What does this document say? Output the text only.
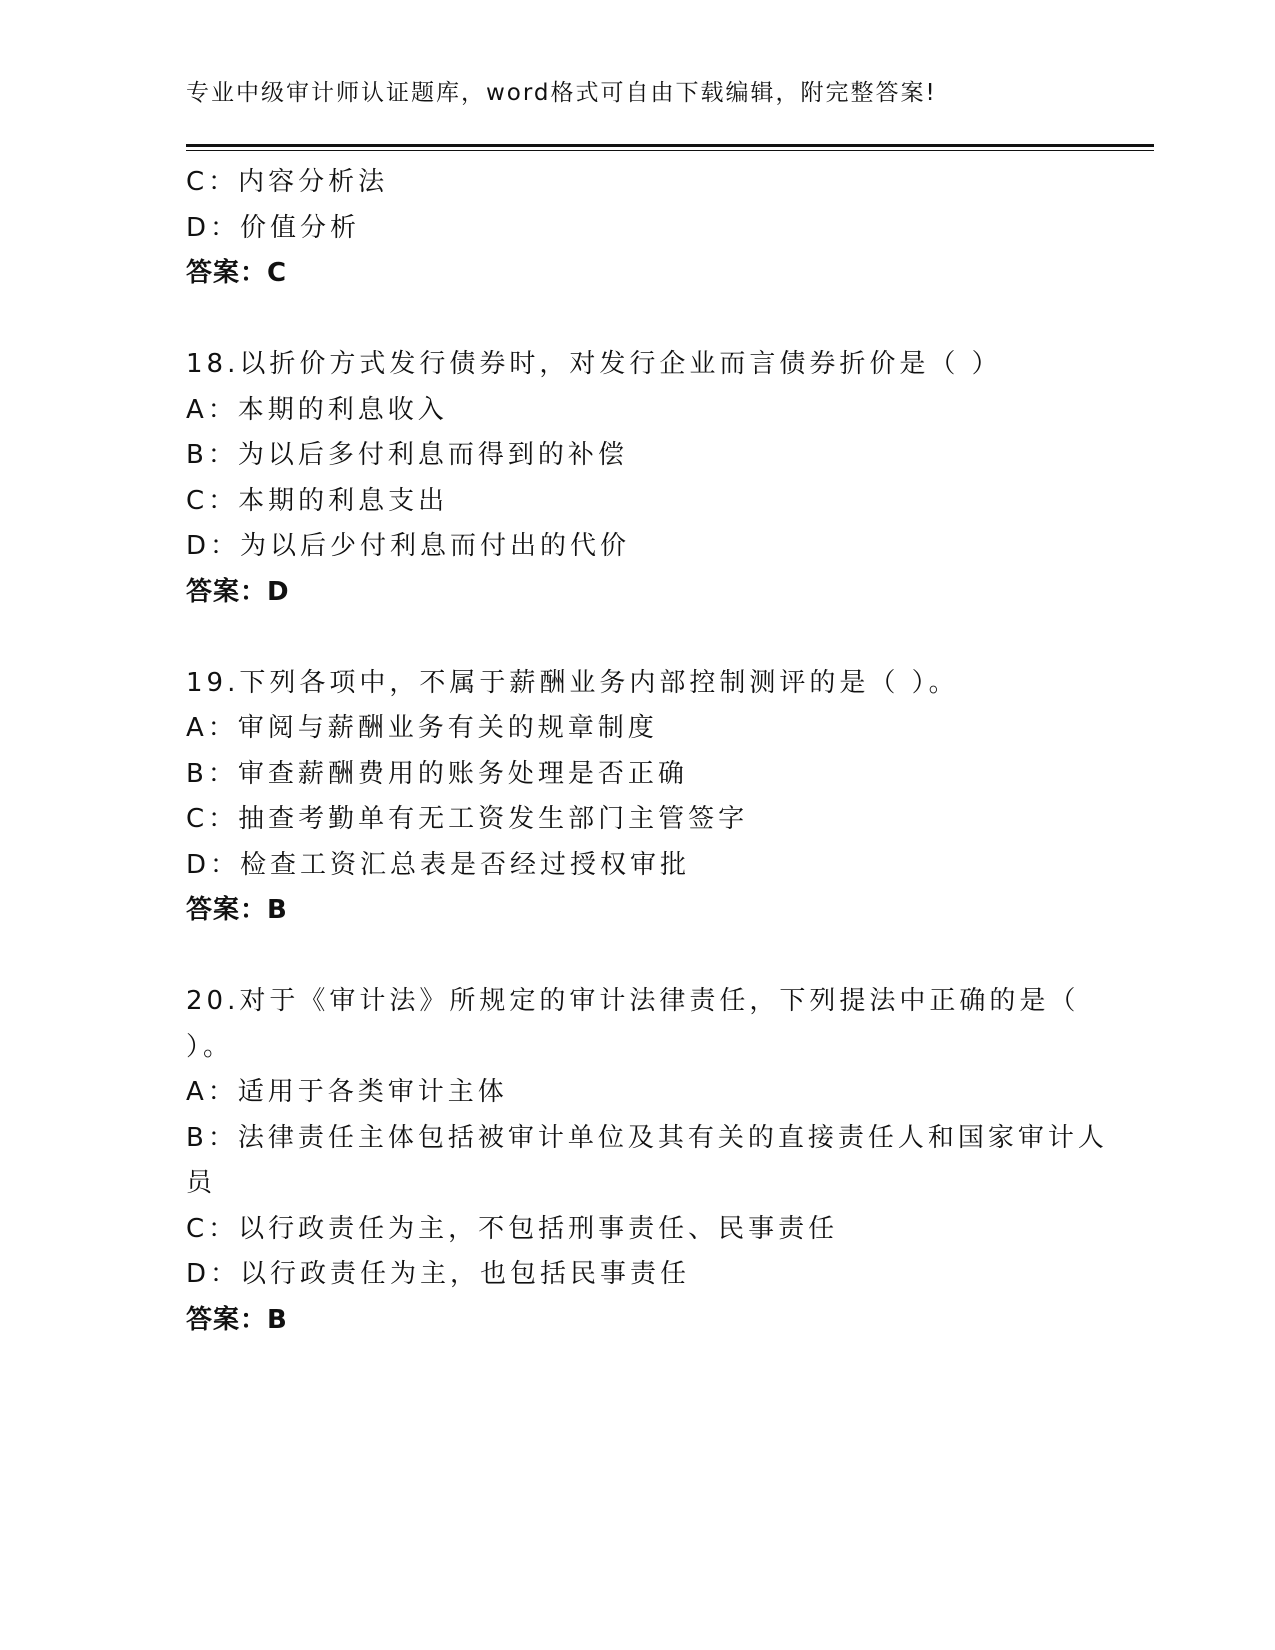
专业中级审计师认证题库，word格式可自由下载编辑，附完整答案!
C：内容分析法
D：价值分析
答案：C
18.以折价方式发行债券时，对发行企业而言债券折价是（ ）
A：本期的利息收入
B：为以后多付利息而得到的补偿
C：本期的利息支出
D：为以后少付利息而付出的代价
答案：D
19.下列各项中，不属于薪酬业务内部控制测评的是（ ）。
A：审阅与薪酬业务有关的规章制度
B：审查薪酬费用的账务处理是否正确
C：抽查考勤单有无工资发生部门主管签字
D：检查工资汇总表是否经过授权审批
答案：B
20.对于《审计法》所规定的审计法律责任，下列提法中正确的是（
）。
A：适用于各类审计主体
B：法律责任主体包括被审计单位及其有关的直接责任人和国家审计人
员
C：以行政责任为主，不包括刑事责任、民事责任
D：以行政责任为主，也包括民事责任
答案：B
